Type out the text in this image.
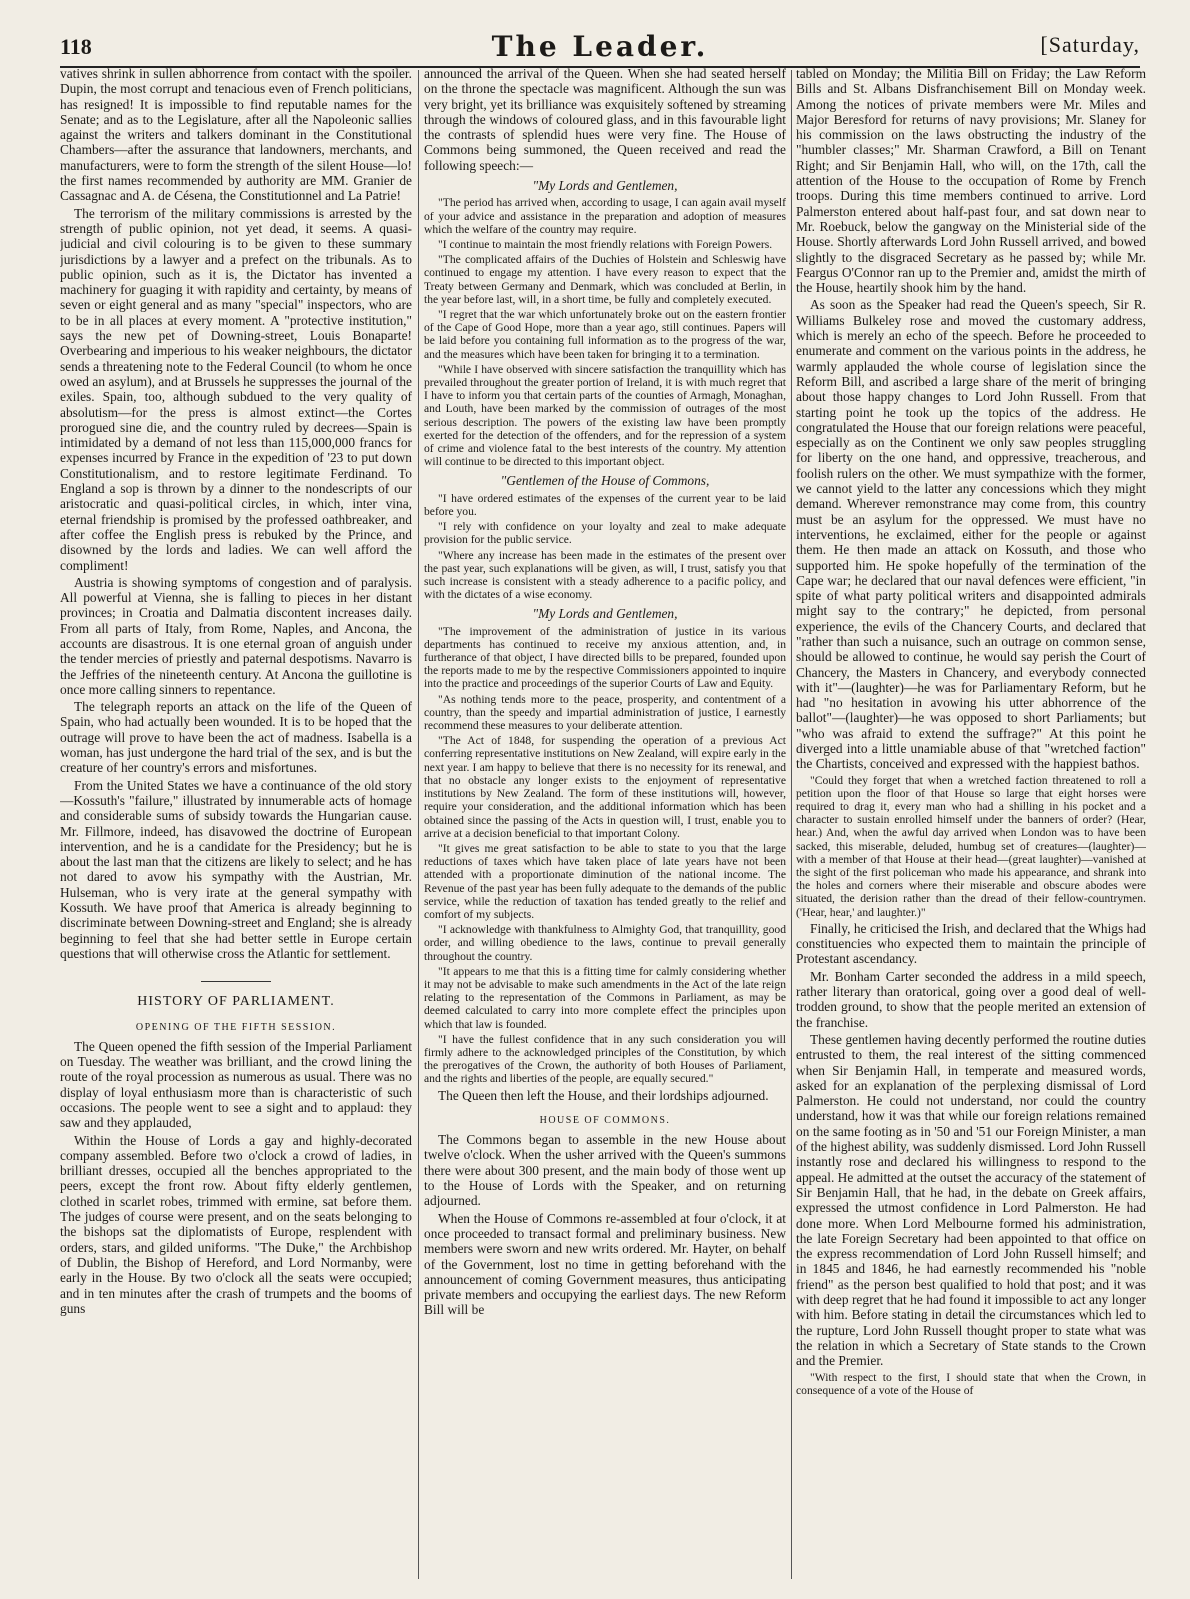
118	The Leader.	[Saturday,

vatives shrink in sullen abhorrence from contact with the spoiler. Dupin, the most corrupt and tenacious even of French politicians, has resigned! It is impossible to find reputable names for the Senate; and as to the Legislature, after all the Napoleonic sallies against the writers and talkers dominant in the Constitutional Chambers—after the assurance that landowners, merchants, and manufacturers, were to form the strength of the silent House—lo! the first names recommended by authority are MM. Granier de Cassagnac and A. de Césena, the Constitutionnel and La Patrie!

The terrorism of the military commissions is arrested by the strength of public opinion, not yet dead, it seems. A quasi-judicial and civil colouring is to be given to these summary jurisdictions by a lawyer and a prefect on the tribunals. As to public opinion, such as it is, the Dictator has invented a machinery for guaging it with rapidity and certainty, by means of seven or eight general and as many "special" inspectors, who are to be in all places at every moment. A "protective institution," says the new pet of Downing-street, Louis Bonaparte! Overbearing and imperious to his weaker neighbours, the dictator sends a threatening note to the Federal Council (to whom he once owed an asylum), and at Brussels he suppresses the journal of the exiles. Spain, too, although subdued to the very quality of absolutism—for the press is almost extinct—the Cortes prorogued sine die, and the country ruled by decrees—Spain is intimidated by a demand of not less than 115,000,000 francs for expenses incurred by France in the expedition of '23 to put down Constitutionalism, and to restore legitimate Ferdinand. To England a sop is thrown by a dinner to the nondescripts of our aristocratic and quasi-political circles, in which, inter vina, eternal friendship is promised by the professed oathbreaker, and after coffee the English press is rebuked by the Prince, and disowned by the lords and ladies. We can well afford the compliment!

Austria is showing symptoms of congestion and of paralysis. All powerful at Vienna, she is falling to pieces in her distant provinces; in Croatia and Dalmatia discontent increases daily. From all parts of Italy, from Rome, Naples, and Ancona, the accounts are disastrous. It is one eternal groan of anguish under the tender mercies of priestly and paternal despotisms. Navarro is the Jeffries of the nineteenth century. At Ancona the guillotine is once more calling sinners to repentance.

The telegraph reports an attack on the life of the Queen of Spain, who had actually been wounded. It is to be hoped that the outrage will prove to have been the act of madness. Isabella is a woman, has just undergone the hard trial of the sex, and is but the creature of her country's errors and misfortunes.

From the United States we have a continuance of the old story—Kossuth's "failure," illustrated by innumerable acts of homage and considerable sums of subsidy towards the Hungarian cause. Mr. Fillmore, indeed, has disavowed the doctrine of European intervention, and he is a candidate for the Presidency; but he is about the last man that the citizens are likely to select; and he has not dared to avow his sympathy with the Austrian, Mr. Hulseman, who is very irate at the general sympathy with Kossuth. We have proof that America is already beginning to discriminate between Downing-street and England; she is already beginning to feel that she had better settle in Europe certain questions that will otherwise cross the Atlantic for settlement.

HISTORY OF PARLIAMENT.

OPENING OF THE FIFTH SESSION.

The Queen opened the fifth session of the Imperial Parliament on Tuesday. The weather was brilliant, and the crowd lining the route of the royal procession as numerous as usual. There was no display of loyal enthusiasm more than is characteristic of such occasions. The people went to see a sight and to applaud: they saw and they applauded,

Within the House of Lords a gay and highly-decorated company assembled. Before two o'clock a crowd of ladies, in brilliant dresses, occupied all the benches appropriated to the peers, except the front row. About fifty elderly gentlemen, clothed in scarlet robes, trimmed with ermine, sat before them. The judges of course were present, and on the seats belonging to the bishops sat the diplomatists of Europe, resplendent with orders, stars, and gilded uniforms. "The Duke," the Archbishop of Dublin, the Bishop of Hereford, and Lord Normanby, were early in the House. By two o'clock all the seats were occupied; and in ten minutes after the crash of trumpets and the booms of guns

announced the arrival of the Queen. When she had seated herself on the throne the spectacle was magnificent. Although the sun was very bright, yet its brilliance was exquisitely softened by streaming through the windows of coloured glass, and in this favourable light the contrasts of splendid hues were very fine. The House of Commons being summoned, the Queen received and read the following speech:—

"My Lords and Gentlemen,

"The period has arrived when, according to usage, I can again avail myself of your advice and assistance in the preparation and adoption of measures which the welfare of the country may require.

"I continue to maintain the most friendly relations with Foreign Powers.

"The complicated affairs of the Duchies of Holstein and Schleswig have continued to engage my attention. I have every reason to expect that the Treaty between Germany and Denmark, which was concluded at Berlin, in the year before last, will, in a short time, be fully and completely executed.

"I regret that the war which unfortunately broke out on the eastern frontier of the Cape of Good Hope, more than a year ago, still continues. Papers will be laid before you containing full information as to the progress of the war, and the measures which have been taken for bringing it to a termination.

"While I have observed with sincere satisfaction the tranquillity which has prevailed throughout the greater portion of Ireland, it is with much regret that I have to inform you that certain parts of the counties of Armagh, Monaghan, and Louth, have been marked by the commission of outrages of the most serious description. The powers of the existing law have been promptly exerted for the detection of the offenders, and for the repression of a system of crime and violence fatal to the best interests of the country. My attention will continue to be directed to this important object.

"Gentlemen of the House of Commons,

"I have ordered estimates of the expenses of the current year to be laid before you.

"I rely with confidence on your loyalty and zeal to make adequate provision for the public service.

"Where any increase has been made in the estimates of the present over the past year, such explanations will be given, as will, I trust, satisfy you that such increase is consistent with a steady adherence to a pacific policy, and with the dictates of a wise economy.

"My Lords and Gentlemen,

"The improvement of the administration of justice in its various departments has continued to receive my anxious attention, and, in furtherance of that object, I have directed bills to be prepared, founded upon the reports made to me by the respective Commissioners appointed to inquire into the practice and proceedings of the superior Courts of Law and Equity.

"As nothing tends more to the peace, prosperity, and contentment of a country, than the speedy and impartial administration of justice, I earnestly recommend these measures to your deliberate attention.

"The Act of 1848, for suspending the operation of a previous Act conferring representative institutions on New Zealand, will expire early in the next year. I am happy to believe that there is no necessity for its renewal, and that no obstacle any longer exists to the enjoyment of representative institutions by New Zealand. The form of these institutions will, however, require your consideration, and the additional information which has been obtained since the passing of the Acts in question will, I trust, enable you to arrive at a decision beneficial to that important Colony.

"It gives me great satisfaction to be able to state to you that the large reductions of taxes which have taken place of late years have not been attended with a proportionate diminution of the national income. The Revenue of the past year has been fully adequate to the demands of the public service, while the reduction of taxation has tended greatly to the relief and comfort of my subjects.

"I acknowledge with thankfulness to Almighty God, that tranquillity, good order, and willing obedience to the laws, continue to prevail generally throughout the country.

"It appears to me that this is a fitting time for calmly considering whether it may not be advisable to make such amendments in the Act of the late reign relating to the representation of the Commons in Parliament, as may be deemed calculated to carry into more complete effect the principles upon which that law is founded.

"I have the fullest confidence that in any such consideration you will firmly adhere to the acknowledged principles of the Constitution, by which the prerogatives of the Crown, the authority of both Houses of Parliament, and the rights and liberties of the people, are equally secured."

The Queen then left the House, and their lordships adjourned.

HOUSE OF COMMONS.

The Commons began to assemble in the new House about twelve o'clock. When the usher arrived with the Queen's summons there were about 300 present, and the main body of those went up to the House of Lords with the Speaker, and on returning adjourned.

When the House of Commons re-assembled at four o'clock, it at once proceeded to transact formal and preliminary business. New members were sworn and new writs ordered. Mr. Hayter, on behalf of the Government, lost no time in getting beforehand with the announcement of coming Government measures, thus anticipating private members and occupying the earliest days. The new Reform Bill will be

tabled on Monday; the Militia Bill on Friday; the Law Reform Bills and St. Albans Disfranchisement Bill on Monday week. Among the notices of private members were Mr. Miles and Major Beresford for returns of navy provisions; Mr. Slaney for his commission on the laws obstructing the industry of the "humbler classes;" Mr. Sharman Crawford, a Bill on Tenant Right; and Sir Benjamin Hall, who will, on the 17th, call the attention of the House to the occupation of Rome by French troops. During this time members continued to arrive. Lord Palmerston entered about half-past four, and sat down near to Mr. Roebuck, below the gangway on the Ministerial side of the House. Shortly afterwards Lord John Russell arrived, and bowed slightly to the disgraced Secretary as he passed by; while Mr. Feargus O'Connor ran up to the Premier and, amidst the mirth of the House, heartily shook him by the hand.

As soon as the Speaker had read the Queen's speech, Sir R. Williams Bulkeley rose and moved the customary address, which is merely an echo of the speech. Before he proceeded to enumerate and comment on the various points in the address, he warmly applauded the whole course of legislation since the Reform Bill, and ascribed a large share of the merit of bringing about those happy changes to Lord John Russell. From that starting point he took up the topics of the address. He congratulated the House that our foreign relations were peaceful, especially as on the Continent we only saw peoples struggling for liberty on the one hand, and oppressive, treacherous, and foolish rulers on the other. We must sympathize with the former, we cannot yield to the latter any concessions which they might demand. Wherever remonstrance may come from, this country must be an asylum for the oppressed. We must have no interventions, he exclaimed, either for the people or against them. He then made an attack on Kossuth, and those who supported him. He spoke hopefully of the termination of the Cape war; he declared that our naval defences were efficient, "in spite of what party political writers and disappointed admirals might say to the contrary;" he depicted, from personal experience, the evils of the Chancery Courts, and declared that "rather than such a nuisance, such an outrage on common sense, should be allowed to continue, he would say perish the Court of Chancery, the Masters in Chancery, and everybody connected with it"—(laughter)—he was for Parliamentary Reform, but he had "no hesitation in avowing his utter abhorrence of the ballot"—(laughter)—he was opposed to short Parliaments; but "who was afraid to extend the suffrage?" At this point he diverged into a little unamiable abuse of that "wretched faction" the Chartists, conceived and expressed with the happiest bathos.

"Could they forget that when a wretched faction threatened to roll a petition upon the floor of that House so large that eight horses were required to drag it, every man who had a shilling in his pocket and a character to sustain enrolled himself under the banners of order? (Hear, hear.) And, when the awful day arrived when London was to have been sacked, this miserable, deluded, humbug set of creatures—(laughter)—with a member of that House at their head—(great laughter)—vanished at the sight of the first policeman who made his appearance, and shrank into the holes and corners where their miserable and obscure abodes were situated, the derision rather than the dread of their fellow-countrymen. ('Hear, hear,' and laughter.)"

Finally, he criticised the Irish, and declared that the Whigs had constituencies who expected them to maintain the principle of Protestant ascendancy.

Mr. Bonham Carter seconded the address in a mild speech, rather literary than oratorical, going over a good deal of well-trodden ground, to show that the people merited an extension of the franchise.

These gentlemen having decently performed the routine duties entrusted to them, the real interest of the sitting commenced when Sir Benjamin Hall, in temperate and measured words, asked for an explanation of the perplexing dismissal of Lord Palmerston. He could not understand, nor could the country understand, how it was that while our foreign relations remained on the same footing as in '50 and '51 our Foreign Minister, a man of the highest ability, was suddenly dismissed. Lord John Russell instantly rose and declared his willingness to respond to the appeal. He admitted at the outset the accuracy of the statement of Sir Benjamin Hall, that he had, in the debate on Greek affairs, expressed the utmost confidence in Lord Palmerston. He had done more. When Lord Melbourne formed his administration, the late Foreign Secretary had been appointed to that office on the express recommendation of Lord John Russell himself; and in 1845 and 1846, he had earnestly recommended his "noble friend" as the person best qualified to hold that post; and it was with deep regret that he had found it impossible to act any longer with him. Before stating in detail the circumstances which led to the rupture, Lord John Russell thought proper to state what was the relation in which a Secretary of State stands to the Crown and the Premier.

"With respect to the first, I should state that when the Crown, in consequence of a vote of the House of
